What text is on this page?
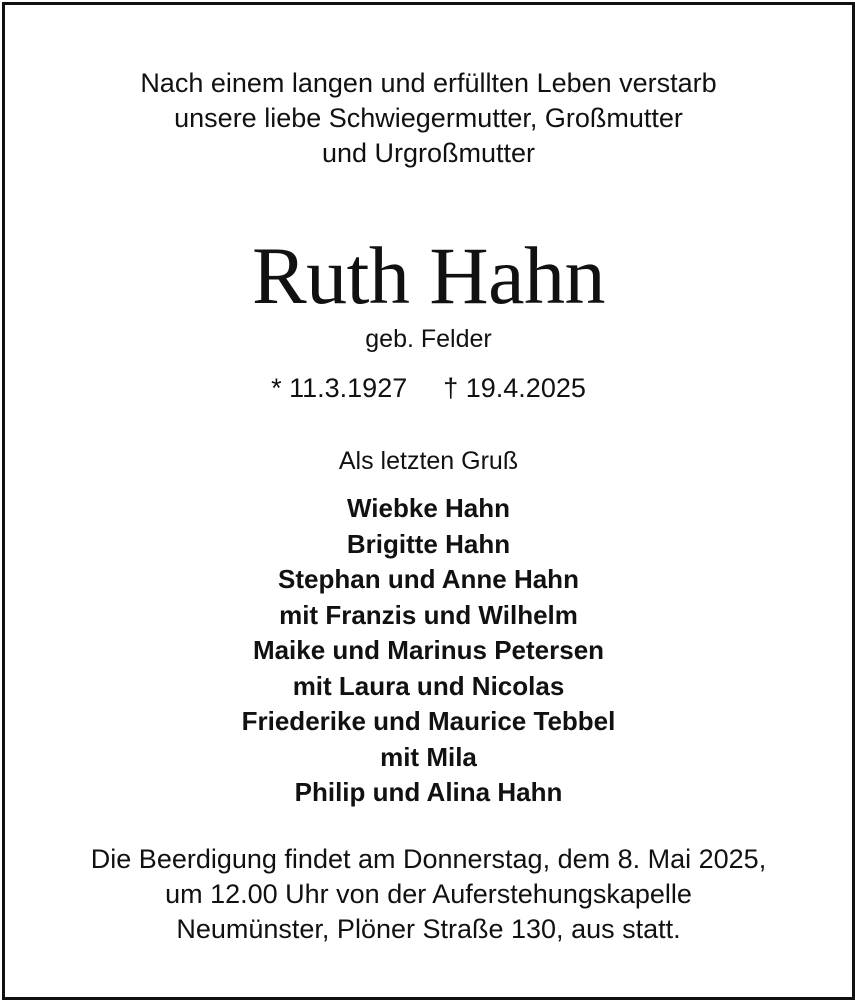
Nach einem langen und erfüllten Leben verstarb
unsere liebe Schwiegermutter, Großmutter
und Urgroßmutter
Ruth Hahn
geb. Felder
* 11.3.1927 † 19.4.2025
Als letzten Gruß
Wiebke Hahn
Brigitte Hahn
Stephan und Anne Hahn
mit Franzis und Wilhelm
Maike und Marinus Petersen
mit Laura und Nicolas
Friederike und Maurice Tebbel
mit Mila
Philip und Alina Hahn
Die Beerdigung findet am Donnerstag, dem 8. Mai 2025,
um 12.00 Uhr von der Auferstehungskapelle
Neumünster, Plöner Straße 130, aus statt.
